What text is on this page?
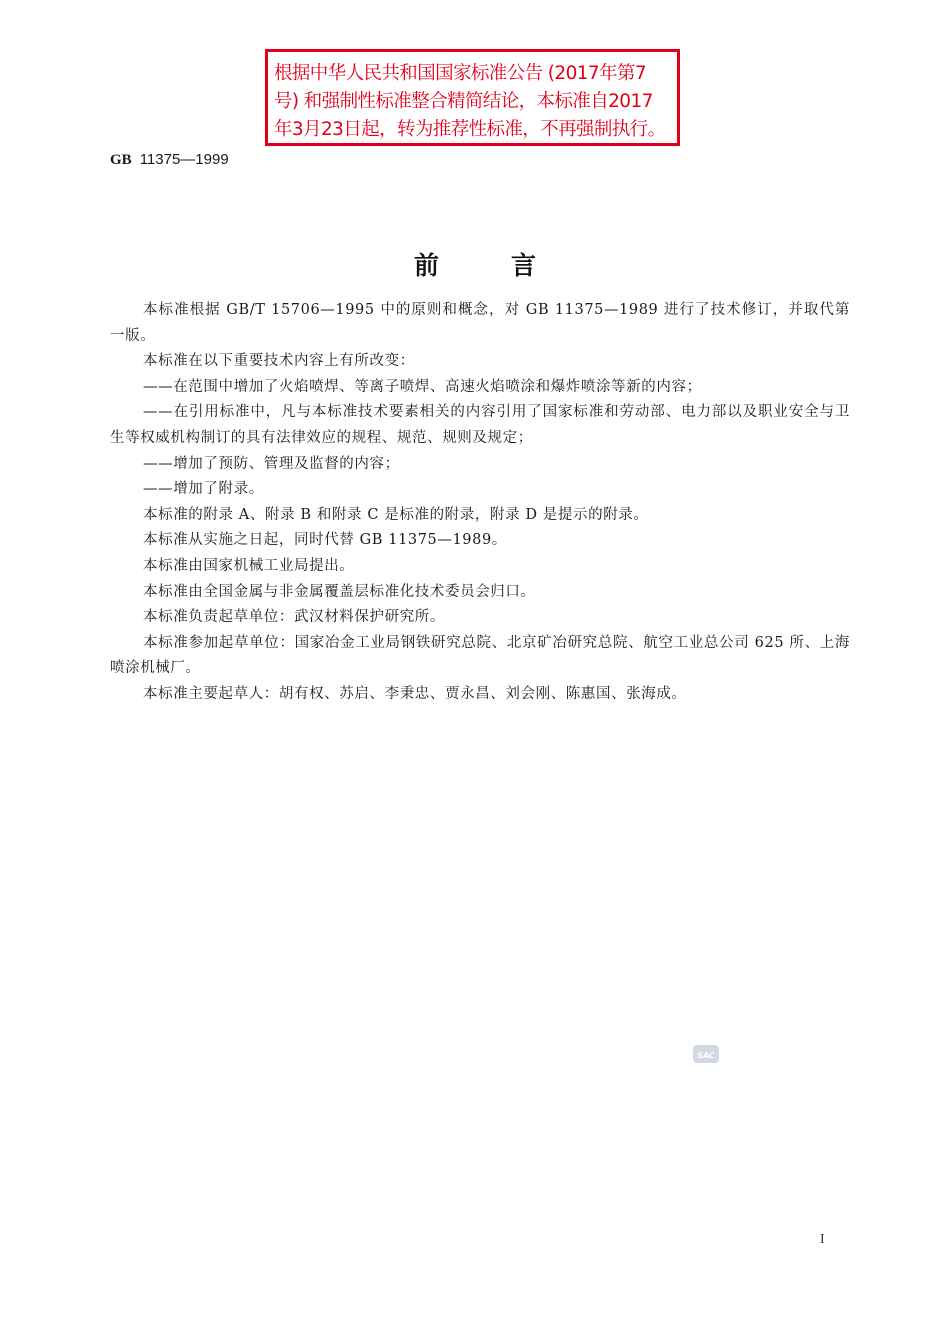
根据中华人民共和国国家标准公告 (2017年第7
号) 和强制性标准整合精简结论，本标准自2017
年3月23日起，转为推荐性标准，不再强制执行。
GB 11375—1999
前言

本标准根据 GB/T 15706—1995 中的原则和概念，对 GB 11375—1989 进行了技术修订，并取代第一版。

本标准在以下重要技术内容上有所改变：

——在范围中增加了火焰喷焊、等离子喷焊、高速火焰喷涂和爆炸喷涂等新的内容；

——在引用标准中，凡与本标准技术要素相关的内容引用了国家标准和劳动部、电力部以及职业安全与卫生等权威机构制订的具有法律效应的规程、规范、规则及规定；

——增加了预防、管理及监督的内容；

——增加了附录。

本标准的附录 A、附录 B 和附录 C 是标准的附录，附录 D 是提示的附录。

本标准从实施之日起，同时代替 GB 11375—1989。

本标准由国家机械工业局提出。

本标准由全国金属与非金属覆盖层标准化技术委员会归口。

本标准负责起草单位：武汉材料保护研究所。

本标准参加起草单位：国家冶金工业局钢铁研究总院、北京矿冶研究总院、航空工业总公司 625 所、上海喷涂机械厂。

本标准主要起草人：胡有权、苏启、李秉忠、贾永昌、刘会刚、陈惠国、张海成。

SAC
I
